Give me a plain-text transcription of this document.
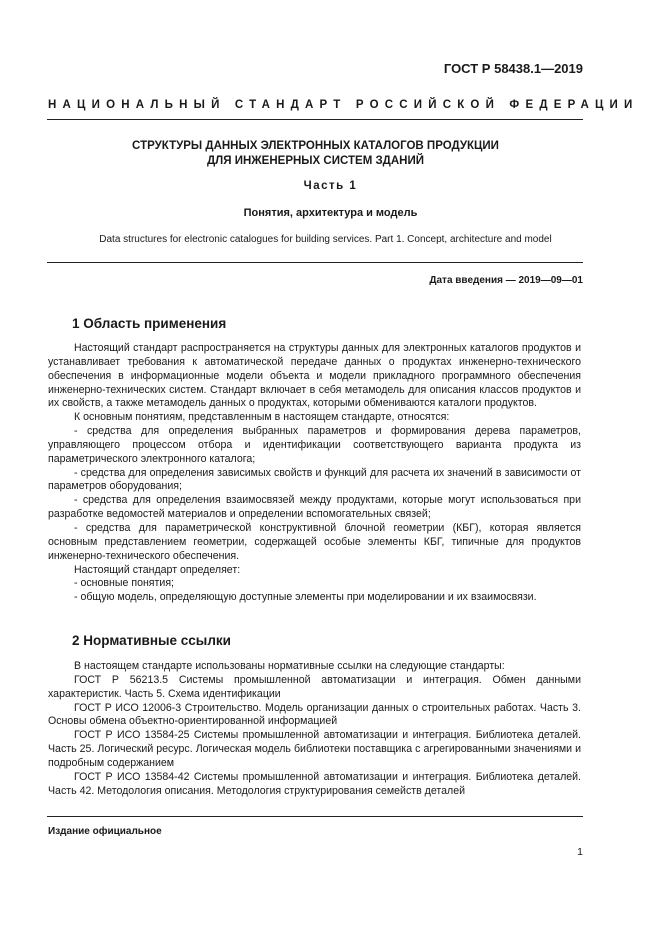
ГОСТ Р 58438.1—2019
НАЦИОНАЛЬНЫЙ СТАНДАРТ РОССИЙСКОЙ ФЕДЕРАЦИИ
СТРУКТУРЫ ДАННЫХ ЭЛЕКТРОННЫХ КАТАЛОГОВ ПРОДУКЦИИ
ДЛЯ ИНЖЕНЕРНЫХ СИСТЕМ ЗДАНИЙ
Часть 1
Понятия, архитектура и модель
Data structures for electronic catalogues for building services. Part 1. Concept, architecture and model
Дата введения — 2019—09—01
1 Область применения

Настоящий стандарт распространяется на структуры данных для электронных каталогов продуктов и устанавливает требования к автоматической передаче данных о продуктах инженерно-технического обеспечения в информационные модели объекта и модели прикладного программного обеспечения инженерно-технических систем. Стандарт включает в себя метамодель для описания классов продуктов и их свойств, а также метамодель данных о продуктах, которыми обмениваются каталоги продуктов.

К основным понятиям, представленным в настоящем стандарте, относятся:

- средства для определения выбранных параметров и формирования дерева параметров, управляющего процессом отбора и идентификации соответствующего варианта продукта из параметрического электронного каталога;

- средства для определения зависимых свойств и функций для расчета их значений в зависимости от параметров оборудования;

- средства для определения взаимосвязей между продуктами, которые могут использоваться при разработке ведомостей материалов и определении вспомогательных связей;

- средства для параметрической конструктивной блочной геометрии (КБГ), которая является основным представлением геометрии, содержащей особые элементы КБГ, типичные для продуктов инженерно-технического обеспечения.

Настоящий стандарт определяет:

- основные понятия;

- общую модель, определяющую доступные элементы при моделировании и их взаимосвязи.

2 Нормативные ссылки

В настоящем стандарте использованы нормативные ссылки на следующие стандарты:

ГОСТ Р 56213.5 Системы промышленной автоматизации и интеграция. Обмен данными характеристик. Часть 5. Схема идентификации

ГОСТ Р ИСО 12006-3 Строительство. Модель организации данных о строительных работах. Часть 3. Основы обмена объектно-ориентированной информацией

ГОСТ Р ИСО 13584-25 Системы промышленной автоматизации и интеграция. Библиотека деталей. Часть 25. Логический ресурс. Логическая модель библиотеки поставщика с агрегированными значениями и подробным содержанием

ГОСТ Р ИСО 13584-42 Системы промышленной автоматизации и интеграция. Библиотека деталей. Часть 42. Методология описания. Методология структурирования семейств деталей

Издание официальное
1
